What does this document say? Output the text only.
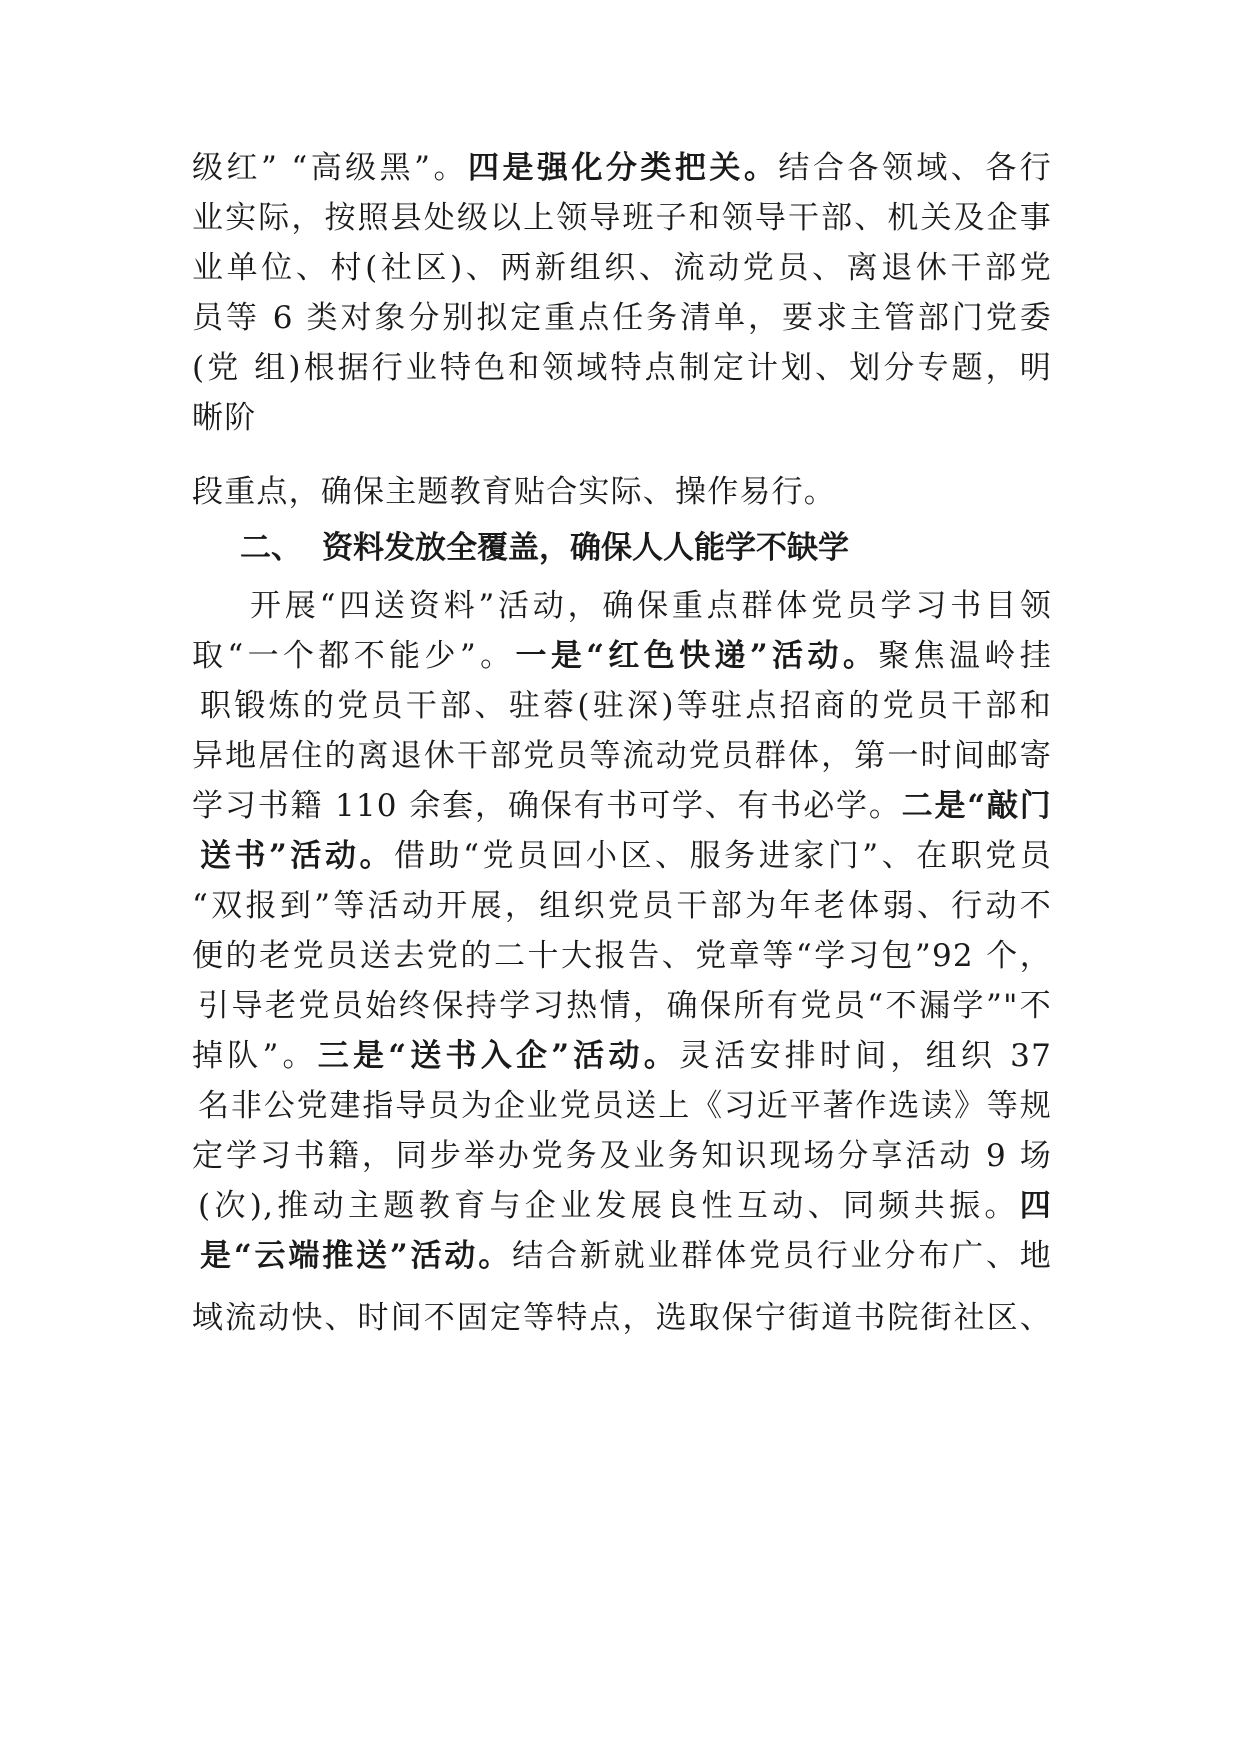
级红” “高级黑”。四是强化分类把关。结合各领域、各行
业实际，按照县处级以上领导班子和领导干部、机关及企事
业单位、村(社区)、两新组织、流动党员、离退休干部党
员等 6 类对象分别拟定重点任务清单，要求主管部门党委
(党 组)根据行业特色和领域特点制定计划、划分专题，明
晰阶
段重点，确保主题教育贴合实际、操作易行。
二、 资料发放全覆盖，确保人人能学不缺学
开展“四送资料”活动，确保重点群体党员学习书目领
取“一个都不能少”。一是“红色快递”活动。聚焦温岭挂
职锻炼的党员干部、驻蓉(驻深)等驻点招商的党员干部和
异地居住的离退休干部党员等流动党员群体，第一时间邮寄
学习书籍 110 余套，确保有书可学、有书必学。二是“敲门
送书”活动。借助“党员回小区、服务进家门”、在职党员
“双报到”等活动开展，组织党员干部为年老体弱、行动不
便的老党员送去党的二十大报告、党章等“学习包”92 个，
引导老党员始终保持学习热情，确保所有党员“不漏学”"不
掉队”。三是“送书入企”活动。灵活安排时间，组织 37
名非公党建指导员为企业党员送上《习近平著作选读》等规
定学习书籍，同步举办党务及业务知识现场分享活动 9 场
(次),推动主题教育与企业发展良性互动、同频共振。四
是“云端推送”活动。结合新就业群体党员行业分布广、地
域流动快、时间不固定等特点，选取保宁街道书院街社区、
